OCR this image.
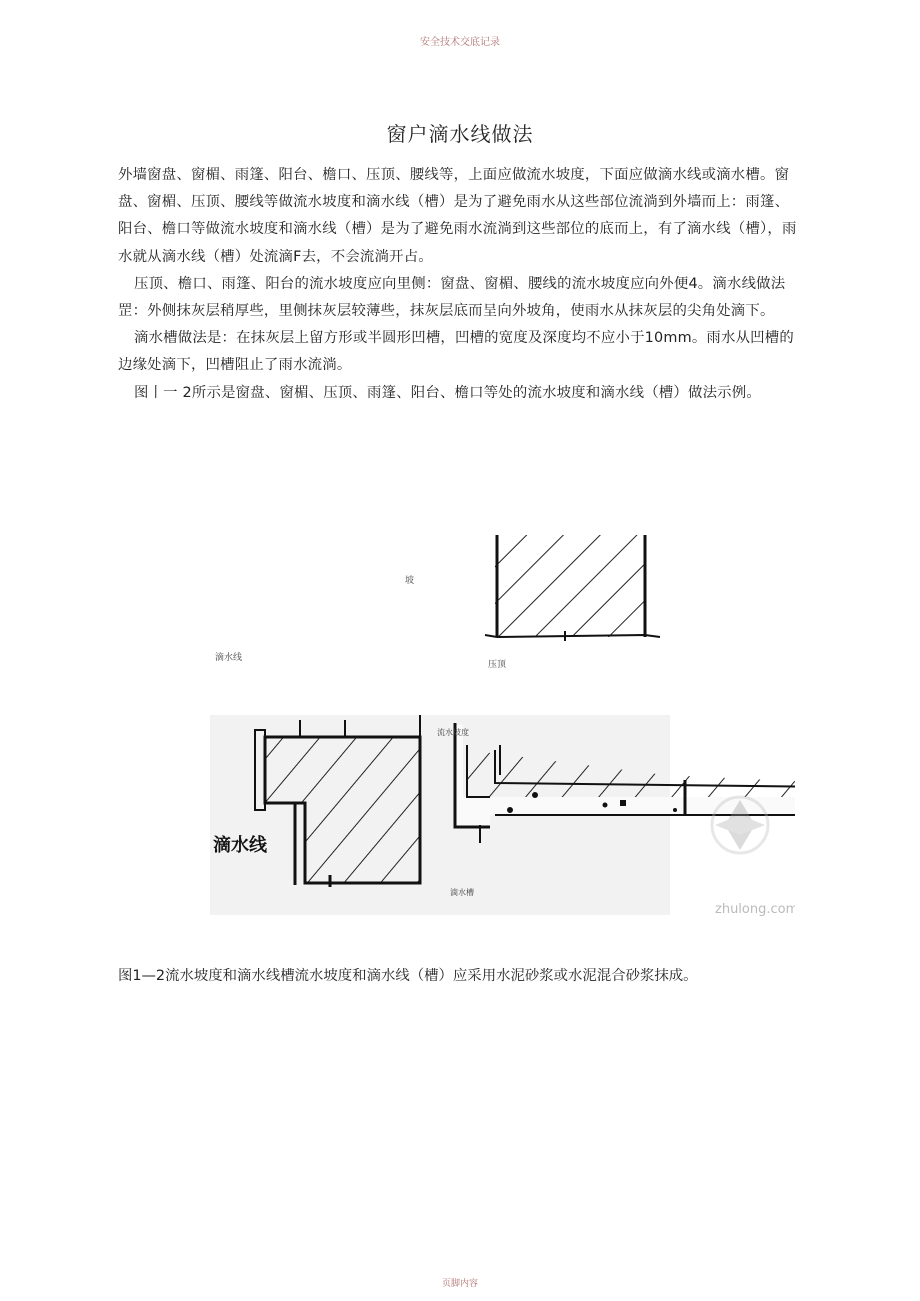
安全技术交底记录
窗户滴水线做法

外墙窗盘、窗楣、雨篷、阳台、檐口、压顶、腰线等，上面应做流水坡度，下面应做滴水线或滴水槽。窗盘、窗楣、压顶、腰线等做流水坡度和滴水线（槽）是为了避免雨水从这些部位流淌到外墙而上：雨篷、阳台、檐口等做流水坡度和滴水线（槽）是为了避免雨水流淌到这些部位的底而上，有了滴水线（槽），雨水就从滴水线（槽）处流滴F去，不会流淌开占。

压顶、檐口、雨篷、阳台的流水坡度应向里侧：窗盘、窗楣、腰线的流水坡度应向外便4。滴水线做法罡：外侧抹灰层稍厚些，里侧抹灰层较薄些，抹灰层底而呈向外坡角，使雨水从抹灰层的尖角处滴下。

滴水槽做法是：在抹灰层上留方形或半圆形凹槽，凹槽的宽度及深度均不应小于10mm。雨水从凹槽的边缘处滴下，凹槽阻止了雨水流淌。

图丨一 2所示是窗盘、窗楣、压顶、雨篷、阳台、檐口等处的流水坡度和滴水线（槽）做法示例。

坡
滴水线
压顶
滴水线
流水坡度
滴水槽
zhulong.com
图1—2流水坡度和滴水线槽流水坡度和滴水线（槽）应采用水泥砂浆或水泥混合砂浆抹成。
页脚内容
